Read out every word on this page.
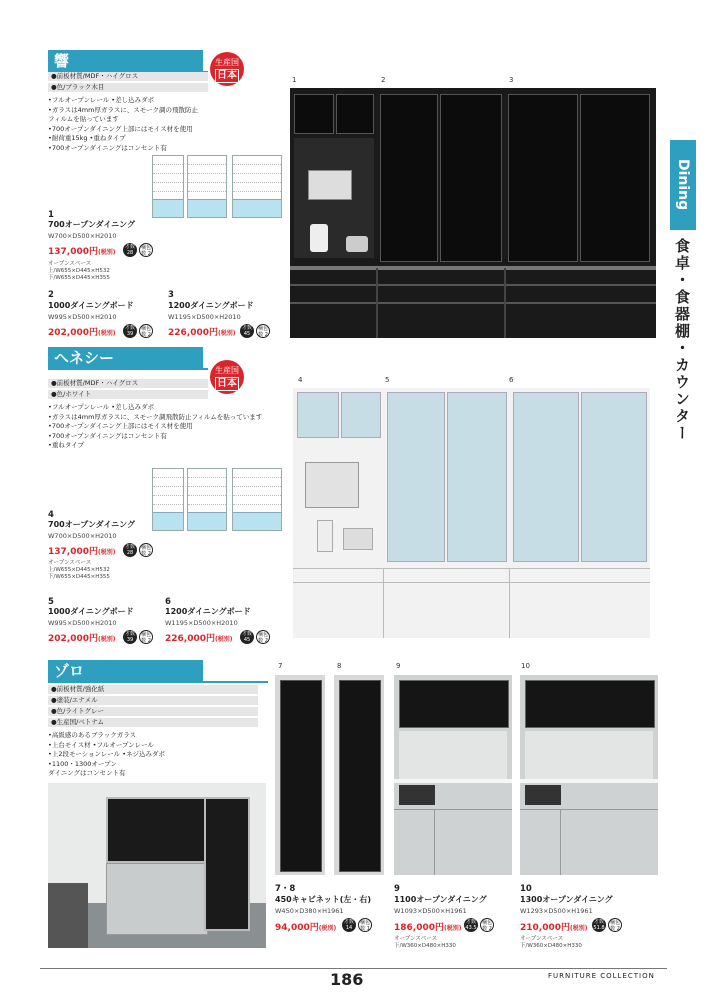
Dining
食卓・食器棚・カウンター
響	生産国
日本
●前板材質/MDF・ハイグロス
●色/ブラック木目
•フルオープンレール •差し込みダボ
•ガラスは4mm厚ガラスに、スモーク調の飛散防止
フィルムを貼っています
•700オープンダイニング上部にはモイス材を使用
•耐荷重15kg •重ねタイプ
•700オープンダイニングはコンセント有
1
700オープンダイニング
W700×D500×H2010
137,000円(税別)
才数 28
梱包数 2
オープンスペース
上/W655×D445×H532
下/W655×D445×H355
2
1000ダイニングボード
W995×D500×H2010
202,000円(税別)
才数 39
梱包数 2
3
1200ダイニングボード
W1195×D500×H2010
226,000円(税別)
才数 45
梱包数 2
1	2	3
ヘネシー
生産国
日本
●前板材質/MDF・ハイグロス
●色/ホワイト
•フルオープンレール •差し込みダボ
•ガラスは4mm厚ガラスに、スモーク調飛散防止フィルムを貼っています
•700オープンダイニング上部にはモイス材を使用
•700オープンダイニングはコンセント有
•重ねタイプ
4
700オープンダイニング
W700×D500×H2010
137,000円(税別)
才数 28
梱包数 2
オープンスペース
上/W655×D445×H532
下/W655×D445×H355
5
1000ダイニングボード
W995×D500×H2010
202,000円(税別)
才数 39
梱包数 2
6
1200ダイニングボード
W1195×D500×H2010
226,000円(税別)
才数 45
梱包数 2
4	5	6
ゾロ
●前板材質/強化紙
●塗装/エナメル
●色/ライトグレー
●生産国/ベトナム
•高級感のあるブラックガラス
•上台モイス材 •フルオープンレール
•上2段モーションレール •ネジ込みダボ
•1100・1300オープン
ダイニングはコンセント有
7	8	9	10
7・8
450キャビネット(左・右)
W450×D380×H1961
94,000円(税別)
才数 14
梱包数 1
9
1100オープンダイニング
W1093×D500×H1961
186,000円(税別)
才数 43.5
梱包数 2
オープンスペース
下/W360×D480×H330
10
1300オープンダイニング
W1293×D500×H1961
210,000円(税別)
才数 51.8
梱包数 2
オープンスペース
下/W360×D480×H330
186	FURNITURE COLLECTION
